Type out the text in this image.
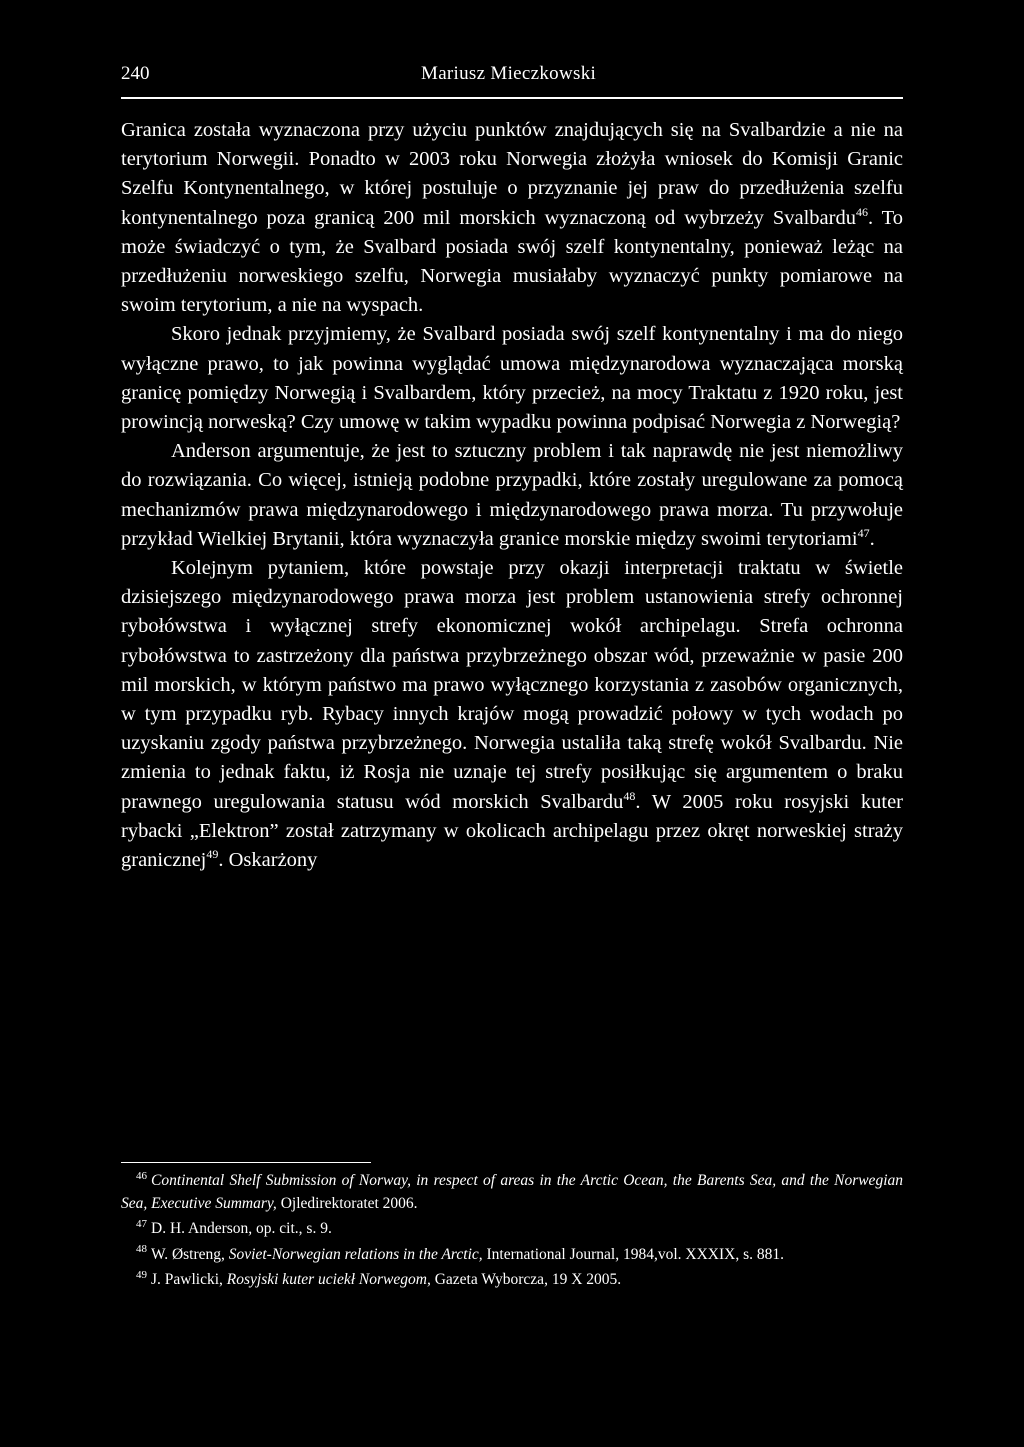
240	Mariusz Mieczkowski

Granica została wyznaczona przy użyciu punktów znajdujących się na Svalbardzie a nie na terytorium Norwegii. Ponadto w 2003 roku Norwegia złożyła wniosek do Komisji Granic Szelfu Kontynentalnego, w której postuluje o przyznanie jej praw do przedłużenia szelfu kontynentalnego poza granicą 200 mil morskich wyznaczoną od wybrzeży Svalbardu$^{46}$. To może świadczyć o tym, że Svalbard posiada swój szelf kontynentalny, ponieważ leżąc na przedłużeniu norweskiego szelfu, Norwegia musiałaby wyznaczyć punkty pomiarowe na swoim terytorium, a nie na wyspach.

Skoro jednak przyjmiemy, że Svalbard posiada swój szelf kontynentalny i ma do niego wyłączne prawo, to jak powinna wyglądać umowa międzynarodowa wyznaczająca morską granicę pomiędzy Norwegią i Svalbardem, który przecież, na mocy Traktatu z 1920 roku, jest prowincją norweską? Czy umowę w takim wypadku powinna podpisać Norwegia z Norwegią?

Anderson argumentuje, że jest to sztuczny problem i tak naprawdę nie jest niemożliwy do rozwiązania. Co więcej, istnieją podobne przypadki, które zostały uregulowane za pomocą mechanizmów prawa międzynarodowego i międzynarodowego prawa morza. Tu przywołuje przykład Wielkiej Brytanii, która wyznaczyła granice morskie między swoimi terytoriami$^{47}$.

Kolejnym pytaniem, które powstaje przy okazji interpretacji traktatu w świetle dzisiejszego międzynarodowego prawa morza jest problem ustanowienia strefy ochronnej rybołówstwa i wyłącznej strefy ekonomicznej wokół archipelagu. Strefa ochronna rybołówstwa to zastrzeżony dla państwa przybrzeżnego obszar wód, przeważnie w pasie 200 mil morskich, w którym państwo ma prawo wyłącznego korzystania z zasobów organicznych, w tym przypadku ryb. Rybacy innych krajów mogą prowadzić połowy w tych wodach po uzyskaniu zgody państwa przybrzeżnego. Norwegia ustaliła taką strefę wokół Svalbardu. Nie zmienia to jednak faktu, iż Rosja nie uznaje tej strefy posiłkując się argumentem o braku prawnego uregulowania statusu wód morskich Svalbardu$^{48}$. W 2005 roku rosyjski kuter rybacki „Elektron” został zatrzymany w okolicach archipelagu przez okręt norweskiej straży granicznej$^{49}$. Oskarżony

$^{46}$ Continental Shelf Submission of Norway, in respect of areas in the Arctic Ocean, the Barents Sea, and the Norwegian Sea, Executive Summary, Ojledirektoratet 2006.

$^{47}$ D. H. Anderson, op. cit., s. 9.

$^{48}$ W. Østreng, Soviet-Norwegian relations in the Arctic, International Journal, 1984,vol. XXXIX, s. 881.

$^{49}$ J. Pawlicki, Rosyjski kuter uciekł Norwegom, Gazeta Wyborcza, 19 X 2005.
